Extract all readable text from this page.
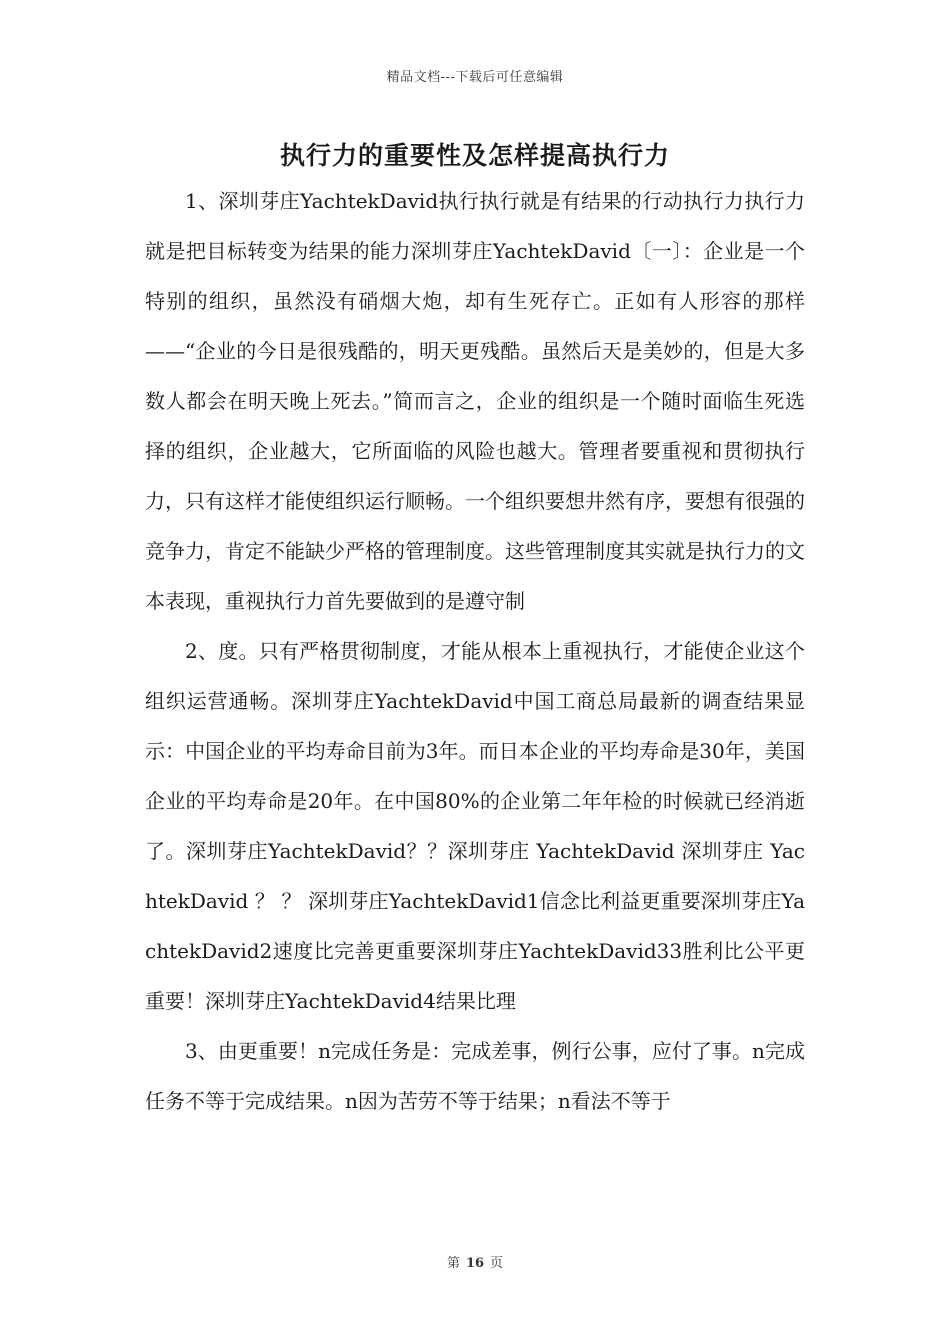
精品文档---下载后可任意编辑
执行力的重要性及怎样提高执行力

1、深圳芽庄YachtekDavid执行执行就是有结果的行动执行力执行力就是把目标转变为结果的能力深圳芽庄YachtekDavid〔一〕：企业是一个特别的组织，虽然没有硝烟大炮，却有生死存亡。正如有人形容的那样——“企业的今日是很残酷的，明天更残酷。虽然后天是美妙的，但是大多数人都会在明天晚上死去。”简而言之，企业的组织是一个随时面临生死选择的组织，企业越大，它所面临的风险也越大。管理者要重视和贯彻执行力，只有这样才能使组织运行顺畅。一个组织要想井然有序，要想有很强的竞争力，肯定不能缺少严格的管理制度。这些管理制度其实就是执行力的文本表现，重视执行力首先要做到的是遵守制

2、度。只有严格贯彻制度，才能从根本上重视执行，才能使企业这个组织运营通畅。深圳芽庄YachtekDavid中国工商总局最新的调查结果显示：中国企业的平均寿命目前为3年。而日本企业的平均寿命是30年，美国企业的平均寿命是20年。在中国80%的企业第二年年检的时候就已经消逝了。深圳芽庄YachtekDavid？？深圳芽庄 YachtekDavid 深圳芽庄 YachtekDavid ？ ？ 深圳芽庄YachtekDavid1信念比利益更重要深圳芽庄YachtekDavid2速度比完善更重要深圳芽庄YachtekDavid33胜利比公平更重要！深圳芽庄YachtekDavid4结果比理

3、由更重要！n完成任务是：完成差事，例行公事，应付了事。n完成任务不等于完成结果。n因为苦劳不等于结果；n看法不等于

第 16 页
